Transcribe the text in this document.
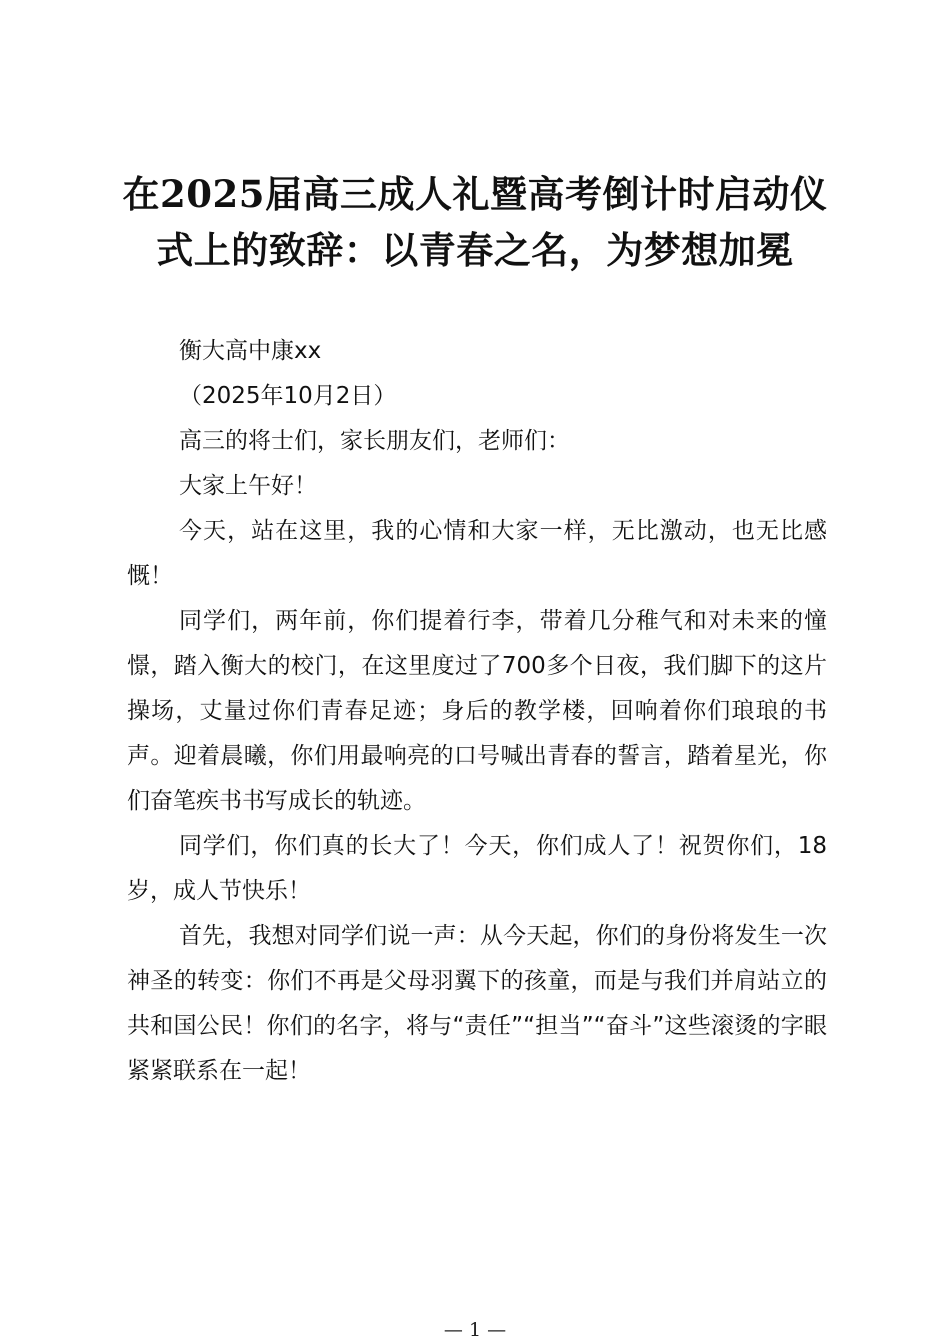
在2025届高三成人礼暨高考倒计时启动仪式上的致辞：以青春之名，为梦想加冕

衡大高中康xx

（2025年10月2日）

高三的将士们，家长朋友们，老师们：

大家上午好！

今天，站在这里，我的心情和大家一样，无比激动，也无比感慨！

同学们，两年前，你们提着行李，带着几分稚气和对未来的憧憬，踏入衡大的校门，在这里度过了700多个日夜，我们脚下的这片操场，丈量过你们青春足迹；身后的教学楼，回响着你们琅琅的书声。迎着晨曦，你们用最响亮的口号喊出青春的誓言，踏着星光，你们奋笔疾书书写成长的轨迹。

同学们，你们真的长大了！今天，你们成人了！祝贺你们，18岁，成人节快乐！

首先，我想对同学们说一声：从今天起，你们的身份将发生一次神圣的转变：你们不再是父母羽翼下的孩童，而是与我们并肩站立的共和国公民！你们的名字，将与“责任”“担当”“奋斗”这些滚烫的字眼紧紧联系在一起！

— 1 —
